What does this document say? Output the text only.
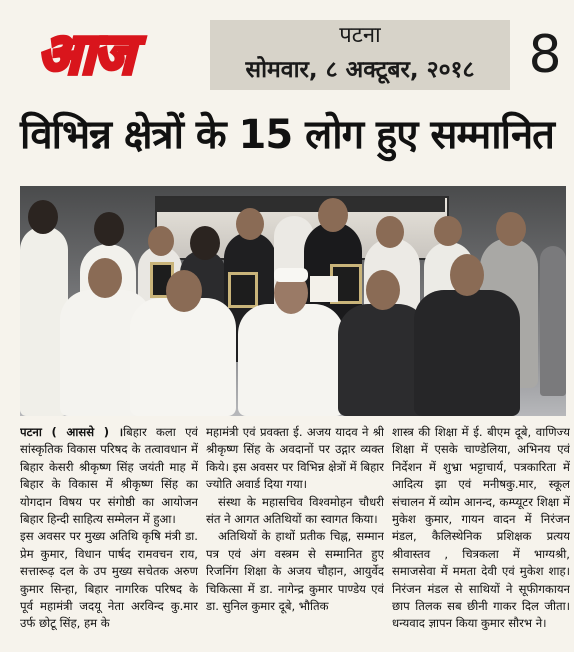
आज	पटना
सोमवार, ८ अक्टूबर, २०१८	8
विभिन्न क्षेत्रों के 15 लोग हुए सम्मानित

पटना ( आससे ) ।बिहार कला एवं सांस्कृतिक विकास परिषद के तत्वावधान में बिहार केसरी श्रीकृष्ण सिंह जयंती माह में बिहार के विकास में श्रीकृष्ण सिंह का योगदान विषय पर संगोष्ठी का आयोजन बिहार हिन्दी साहित्य सम्मेलन में हुआ।

इस अवसर पर मुख्य अतिथि कृषि मंत्री डा. प्रेम कुमार, विधान पार्षद रामवचन राय, सत्तारूढ़ दल के उप मुख्य सचेतक अरुण कुमार सिन्हा, बिहार नागरिक परिषद के पूर्व महामंत्री जदयू नेता अरविन्द कु.मार उर्फ छोटू सिंह, हम के

महामंत्री एवं प्रवक्ता ई. अजय यादव ने श्री श्रीकृष्ण सिंह के अवदानों पर उद्गार व्यक्त किये। इस अवसर पर विभिन्न क्षेत्रों में बिहार ज्योति अवार्ड दिया गया।

संस्था के महासचिव विश्वमोहन चौधरी संत ने आगत अतिथियों का स्वागत किया।

अतिथियों के हाथों प्रतीक चिह्न, सम्मान पत्र एवं अंग वस्त्रम से सम्मानित हुए रिजनिंग शिक्षा के अजय चौहान, आयुर्वेद चिकित्सा में डा. नागेन्द्र कुमार पाण्डेय एवं डा. सुनिल कुमार दूबे, भौतिक

शास्त्र की शिक्षा में ई. बीएम दूबे, वाणिज्य शिक्षा में एसके चाण्डेलिया, अभिनय एवं निर्देशन में शुभ्रा भट्टाचार्य, पत्रकारिता में आदित्य झा एवं मनीषकु.मार, स्कूल संचालन में व्योम आनन्द, कम्प्यूटर शिक्षा में मुकेश कुमार, गायन वादन में निरंजन मंडल, कैलिस्थेनिक प्रशिक्षक प्रत्यय श्रीवास्तव , चित्रकला में भाग्यश्री, समाजसेवा में ममता देवी एवं मुकेश शाह। निरंजन मंडल से साथियों ने सूफीगकायन छाप तिलक सब छीनी गाकर दिल जीता। धन्यवाद ज्ञापन किया कुमार सौरभ ने।
